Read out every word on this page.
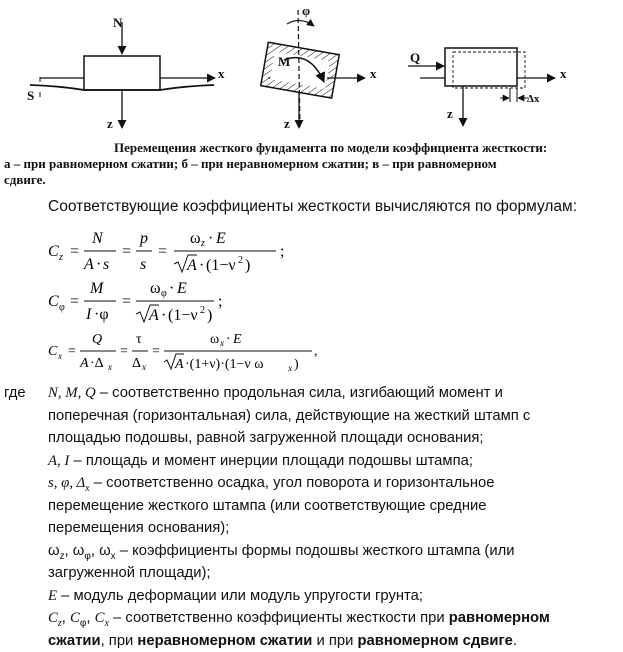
N
x
z
S
φ
M
x
z
Q
x
z
Δx
Перемещения жесткого фундамента по модели коэффициента жесткости:
а – при равномерном сжатии; б – при неравномерном сжатии; в – при равномерном
сдвиге.
Соответствующие коэффициенты жесткости вычисляются по формулам:
C z =
N
A · s
=
p
s
=
ω z · E
A · (1−ν 2 )
;
C φ =
M
I ·φ
=
ω φ · E
A · (1−ν 2 )
;
C x =
Q
A ·Δ x
=
τ
Δ x
=
ω x · E
A ·(1+ν)·(1−ν ω	x )
,
где N, M, Q – соответственно продольная сила, изгибающий момент и
поперечная (горизонтальная) сила, действующие на жесткий штамп с
площадью подошвы, равной загруженной площади основания;
A, I – площадь и момент инерции площади подошвы штампа;
s, φ, $\Delta_x$ – соответственно осадка, угол поворота и горизонтальное
перемещение жесткого штампа (или соответствующие средние
перемещения основания);
$\omega_z$, $\omega_\varphi$, $\omega_x$ – коэффициенты формы подошвы жесткого штампа (или
загруженной площади);
E – модуль деформации или модуль упругости грунта;
$C_z$, $C_\varphi$, $C_x$ – соответственно коэффициенты жесткости при равномерном
сжатии, при неравномерном сжатии и при равномерном сдвиге.
